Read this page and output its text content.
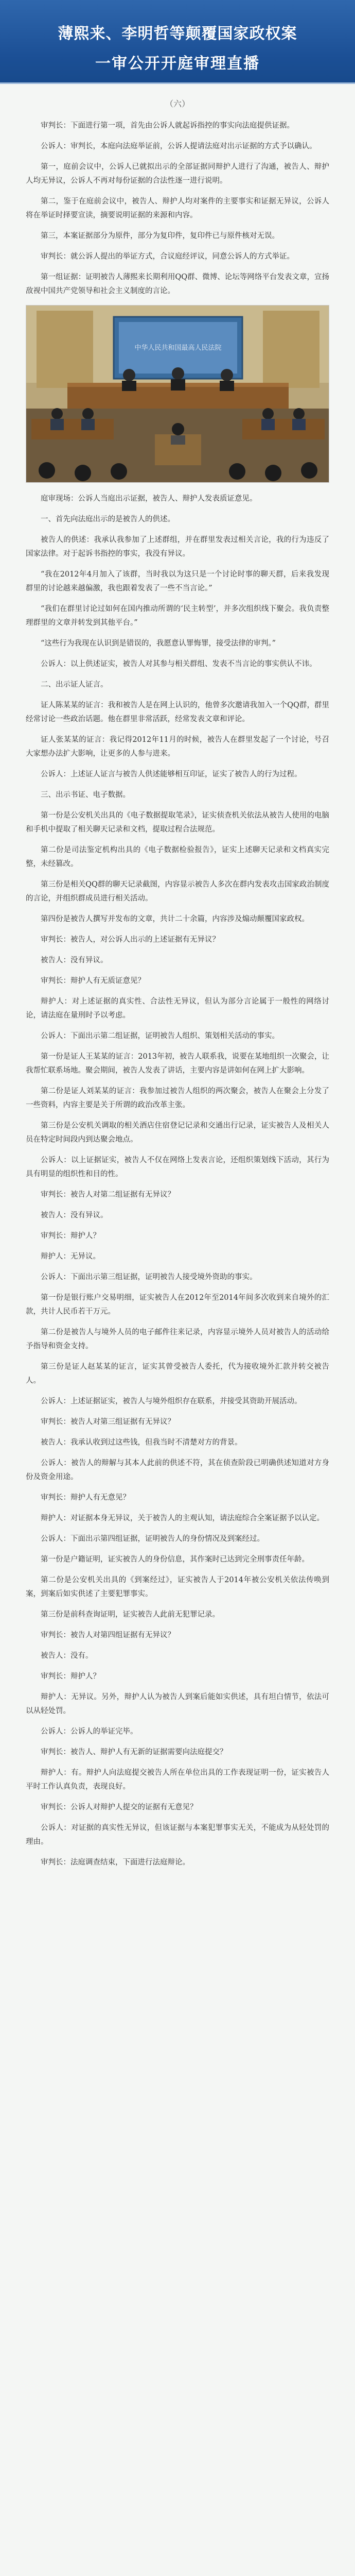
薄熙来、李明哲等颠覆国家政权案
一审公开开庭审理直播
（六）

审判长：下面进行第一项，首先由公诉人就起诉指控的事实向法庭提供证据。

公诉人：审判长，本庭向法庭举证前，公诉人提请法庭对出示证据的方式予以确认。

第一，庭前会议中，公诉人已就拟出示的全部证据同辩护人进行了沟通，被告人、辩护人均无异议，公诉人不再对每份证据的合法性逐一进行说明。

第二，鉴于在庭前会议中，被告人、辩护人均对案件的主要事实和证据无异议，公诉人将在举证时择要宣读，摘要说明证据的来源和内容。

第三，本案证据部分为原件，部分为复印件，复印件已与原件核对无误。

审判长：就公诉人提出的举证方式，合议庭经评议，同意公诉人的方式举证。

第一组证据：证明被告人薄熙来长期利用QQ群、微博、论坛等网络平台发表文章，宣扬敌视中国共产党领导和社会主义制度的言论。

中华人民共和国最高人民法院

庭审现场：公诉人当庭出示证据，被告人、辩护人发表质证意见。

一、首先向法庭出示的是被告人的供述。

被告人的供述：我承认我参加了上述群组，并在群里发表过相关言论，我的行为违反了国家法律。对于起诉书指控的事实，我没有异议。

“我在2012年4月加入了该群，当时我以为这只是一个讨论时事的聊天群，后来我发现群里的讨论越来越偏激，我也跟着发表了一些不当言论。”

“我们在群里讨论过如何在国内推动所谓的‘民主转型’，并多次组织线下聚会。我负责整理群里的文章并转发到其他平台。”

“这些行为我现在认识到是错误的，我愿意认罪悔罪，接受法律的审判。”

公诉人：以上供述证实，被告人对其参与相关群组、发表不当言论的事实供认不讳。

二、出示证人证言。

证人陈某某的证言：我和被告人是在网上认识的，他曾多次邀请我加入一个QQ群，群里经常讨论一些政治话题。他在群里非常活跃，经常发表文章和评论。

证人张某某的证言：我记得2012年11月的时候，被告人在群里发起了一个讨论，号召大家想办法扩大影响，让更多的人参与进来。

公诉人：上述证人证言与被告人供述能够相互印证，证实了被告人的行为过程。

三、出示书证、电子数据。

第一份是公安机关出具的《电子数据提取笔录》，证实侦查机关依法从被告人使用的电脑和手机中提取了相关聊天记录和文档，提取过程合法规范。

第二份是司法鉴定机构出具的《电子数据检验报告》，证实上述聊天记录和文档真实完整，未经篡改。

第三份是相关QQ群的聊天记录截图，内容显示被告人多次在群内发表攻击国家政治制度的言论，并组织群成员进行相关活动。

第四份是被告人撰写并发布的文章，共计二十余篇，内容涉及煽动颠覆国家政权。

审判长：被告人，对公诉人出示的上述证据有无异议？

被告人：没有异议。

审判长：辩护人有无质证意见？

辩护人：对上述证据的真实性、合法性无异议，但认为部分言论属于一般性的网络讨论，请法庭在量刑时予以考虑。

公诉人：下面出示第二组证据，证明被告人组织、策划相关活动的事实。

第一份是证人王某某的证言：2013年初，被告人联系我，说要在某地组织一次聚会，让我帮忙联系场地。聚会期间，被告人发表了讲话，主要内容是讲如何在网上扩大影响。

第二份是证人刘某某的证言：我参加过被告人组织的两次聚会，被告人在聚会上分发了一些资料，内容主要是关于所谓的政治改革主张。

第三份是公安机关调取的相关酒店住宿登记记录和交通出行记录，证实被告人及相关人员在特定时间段内到达聚会地点。

公诉人：以上证据证实，被告人不仅在网络上发表言论，还组织策划线下活动，其行为具有明显的组织性和目的性。

审判长：被告人对第二组证据有无异议？

被告人：没有异议。

审判长：辩护人？

辩护人：无异议。

公诉人：下面出示第三组证据，证明被告人接受境外资助的事实。

第一份是银行账户交易明细，证实被告人在2012年至2014年间多次收到来自境外的汇款，共计人民币若干万元。

第二份是被告人与境外人员的电子邮件往来记录，内容显示境外人员对被告人的活动给予指导和资金支持。

第三份是证人赵某某的证言，证实其曾受被告人委托，代为接收境外汇款并转交被告人。

公诉人：上述证据证实，被告人与境外组织存在联系，并接受其资助开展活动。

审判长：被告人对第三组证据有无异议？

被告人：我承认收到过这些钱，但我当时不清楚对方的背景。

公诉人：被告人的辩解与其本人此前的供述不符，其在侦查阶段已明确供述知道对方身份及资金用途。

审判长：辩护人有无意见？

辩护人：对证据本身无异议，关于被告人的主观认知，请法庭综合全案证据予以认定。

公诉人：下面出示第四组证据，证明被告人的身份情况及到案经过。

第一份是户籍证明，证实被告人的身份信息，其作案时已达到完全刑事责任年龄。

第二份是公安机关出具的《到案经过》，证实被告人于2014年被公安机关依法传唤到案，到案后如实供述了主要犯罪事实。

第三份是前科查询证明，证实被告人此前无犯罪记录。

审判长：被告人对第四组证据有无异议？

被告人：没有。

审判长：辩护人？

辩护人：无异议。另外，辩护人认为被告人到案后能如实供述，具有坦白情节，依法可以从轻处罚。

公诉人：公诉人的举证完毕。

审判长：被告人、辩护人有无新的证据需要向法庭提交？

辩护人：有。辩护人向法庭提交被告人所在单位出具的工作表现证明一份，证实被告人平时工作认真负责，表现良好。

审判长：公诉人对辩护人提交的证据有无意见？

公诉人：对证据的真实性无异议，但该证据与本案犯罪事实无关，不能成为从轻处罚的理由。

审判长：法庭调查结束，下面进行法庭辩论。
